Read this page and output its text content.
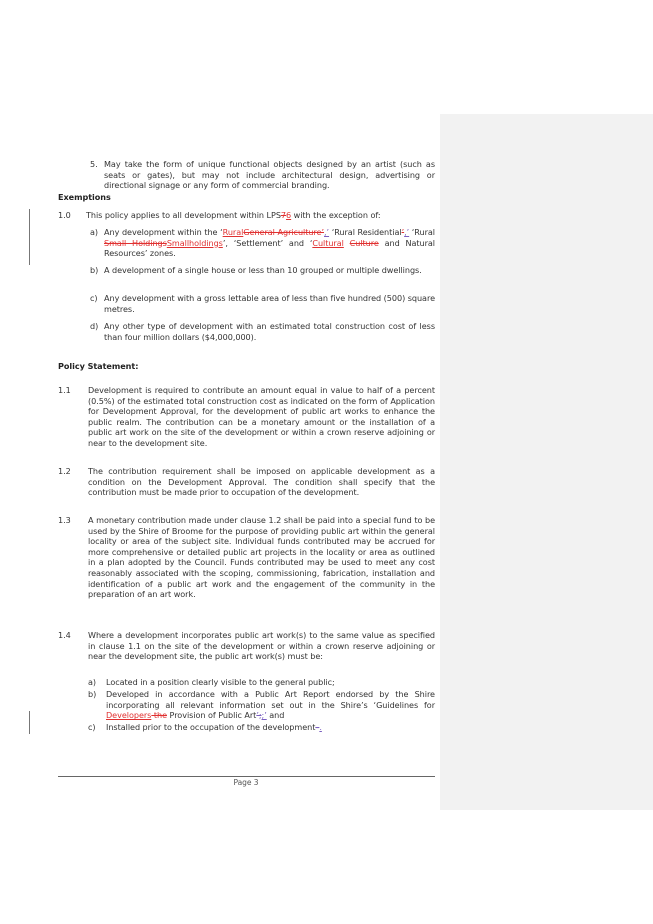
5. May take the form of unique functional objects designed by an artist (such as seats or gates), but may not include architectural design, advertising or directional signage or any form of commercial branding.
Exemptions
1.0 This policy applies to all development within LPS76 with the exception of:
a) Any development within the ‘RuralGeneral Agriculture’,’ ‘Rural Residential’,’ ‘Rural Small HoldingsSmallholdings’, ‘Settlement’ and ‘Cultural Culture and Natural Resources’ zones.
b) A development of a single house or less than 10 grouped or multiple dwellings.
c) Any development with a gross lettable area of less than five hundred (500) square metres.
d) Any other type of development with an estimated total construction cost of less than four million dollars ($4,000,000).
Policy Statement:
1.1 Development is required to contribute an amount equal in value to half of a percent (0.5%) of the estimated total construction cost as indicated on the form of Application for Development Approval, for the development of public art works to enhance the public realm. The contribution can be a monetary amount or the installation of a public art work on the site of the development or within a crown reserve adjoining or near to the development site.
1.2 The contribution requirement shall be imposed on applicable development as a condition on the Development Approval. The condition shall specify that the contribution must be made prior to occupation of the development.
1.3 A monetary contribution made under clause 1.2 shall be paid into a special fund to be used by the Shire of Broome for the purpose of providing public art within the general locality or area of the subject site. Individual funds contributed may be accrued for more comprehensive or detailed public art projects in the locality or area as outlined in a plan adopted by the Council. Funds contributed may be used to meet any cost reasonably associated with the scoping, commissioning, fabrication, installation and identification of a public art work and the engagement of the community in the preparation of an art work.
1.4 Where a development incorporates public art work(s) to the same value as specified in clause 1.1 on the site of the development or within a crown reserve adjoining or near the development site, the public art work(s) must be:
a) Located in a position clearly visible to the general public;
b) Developed in accordance with a Public Art Report endorsed by the Shire incorporating all relevant information set out in the Shire’s ‘Guidelines for Developers the Provision of Public Art’;;’ and
c) Installed prior to the occupation of the development–.
Page 3
